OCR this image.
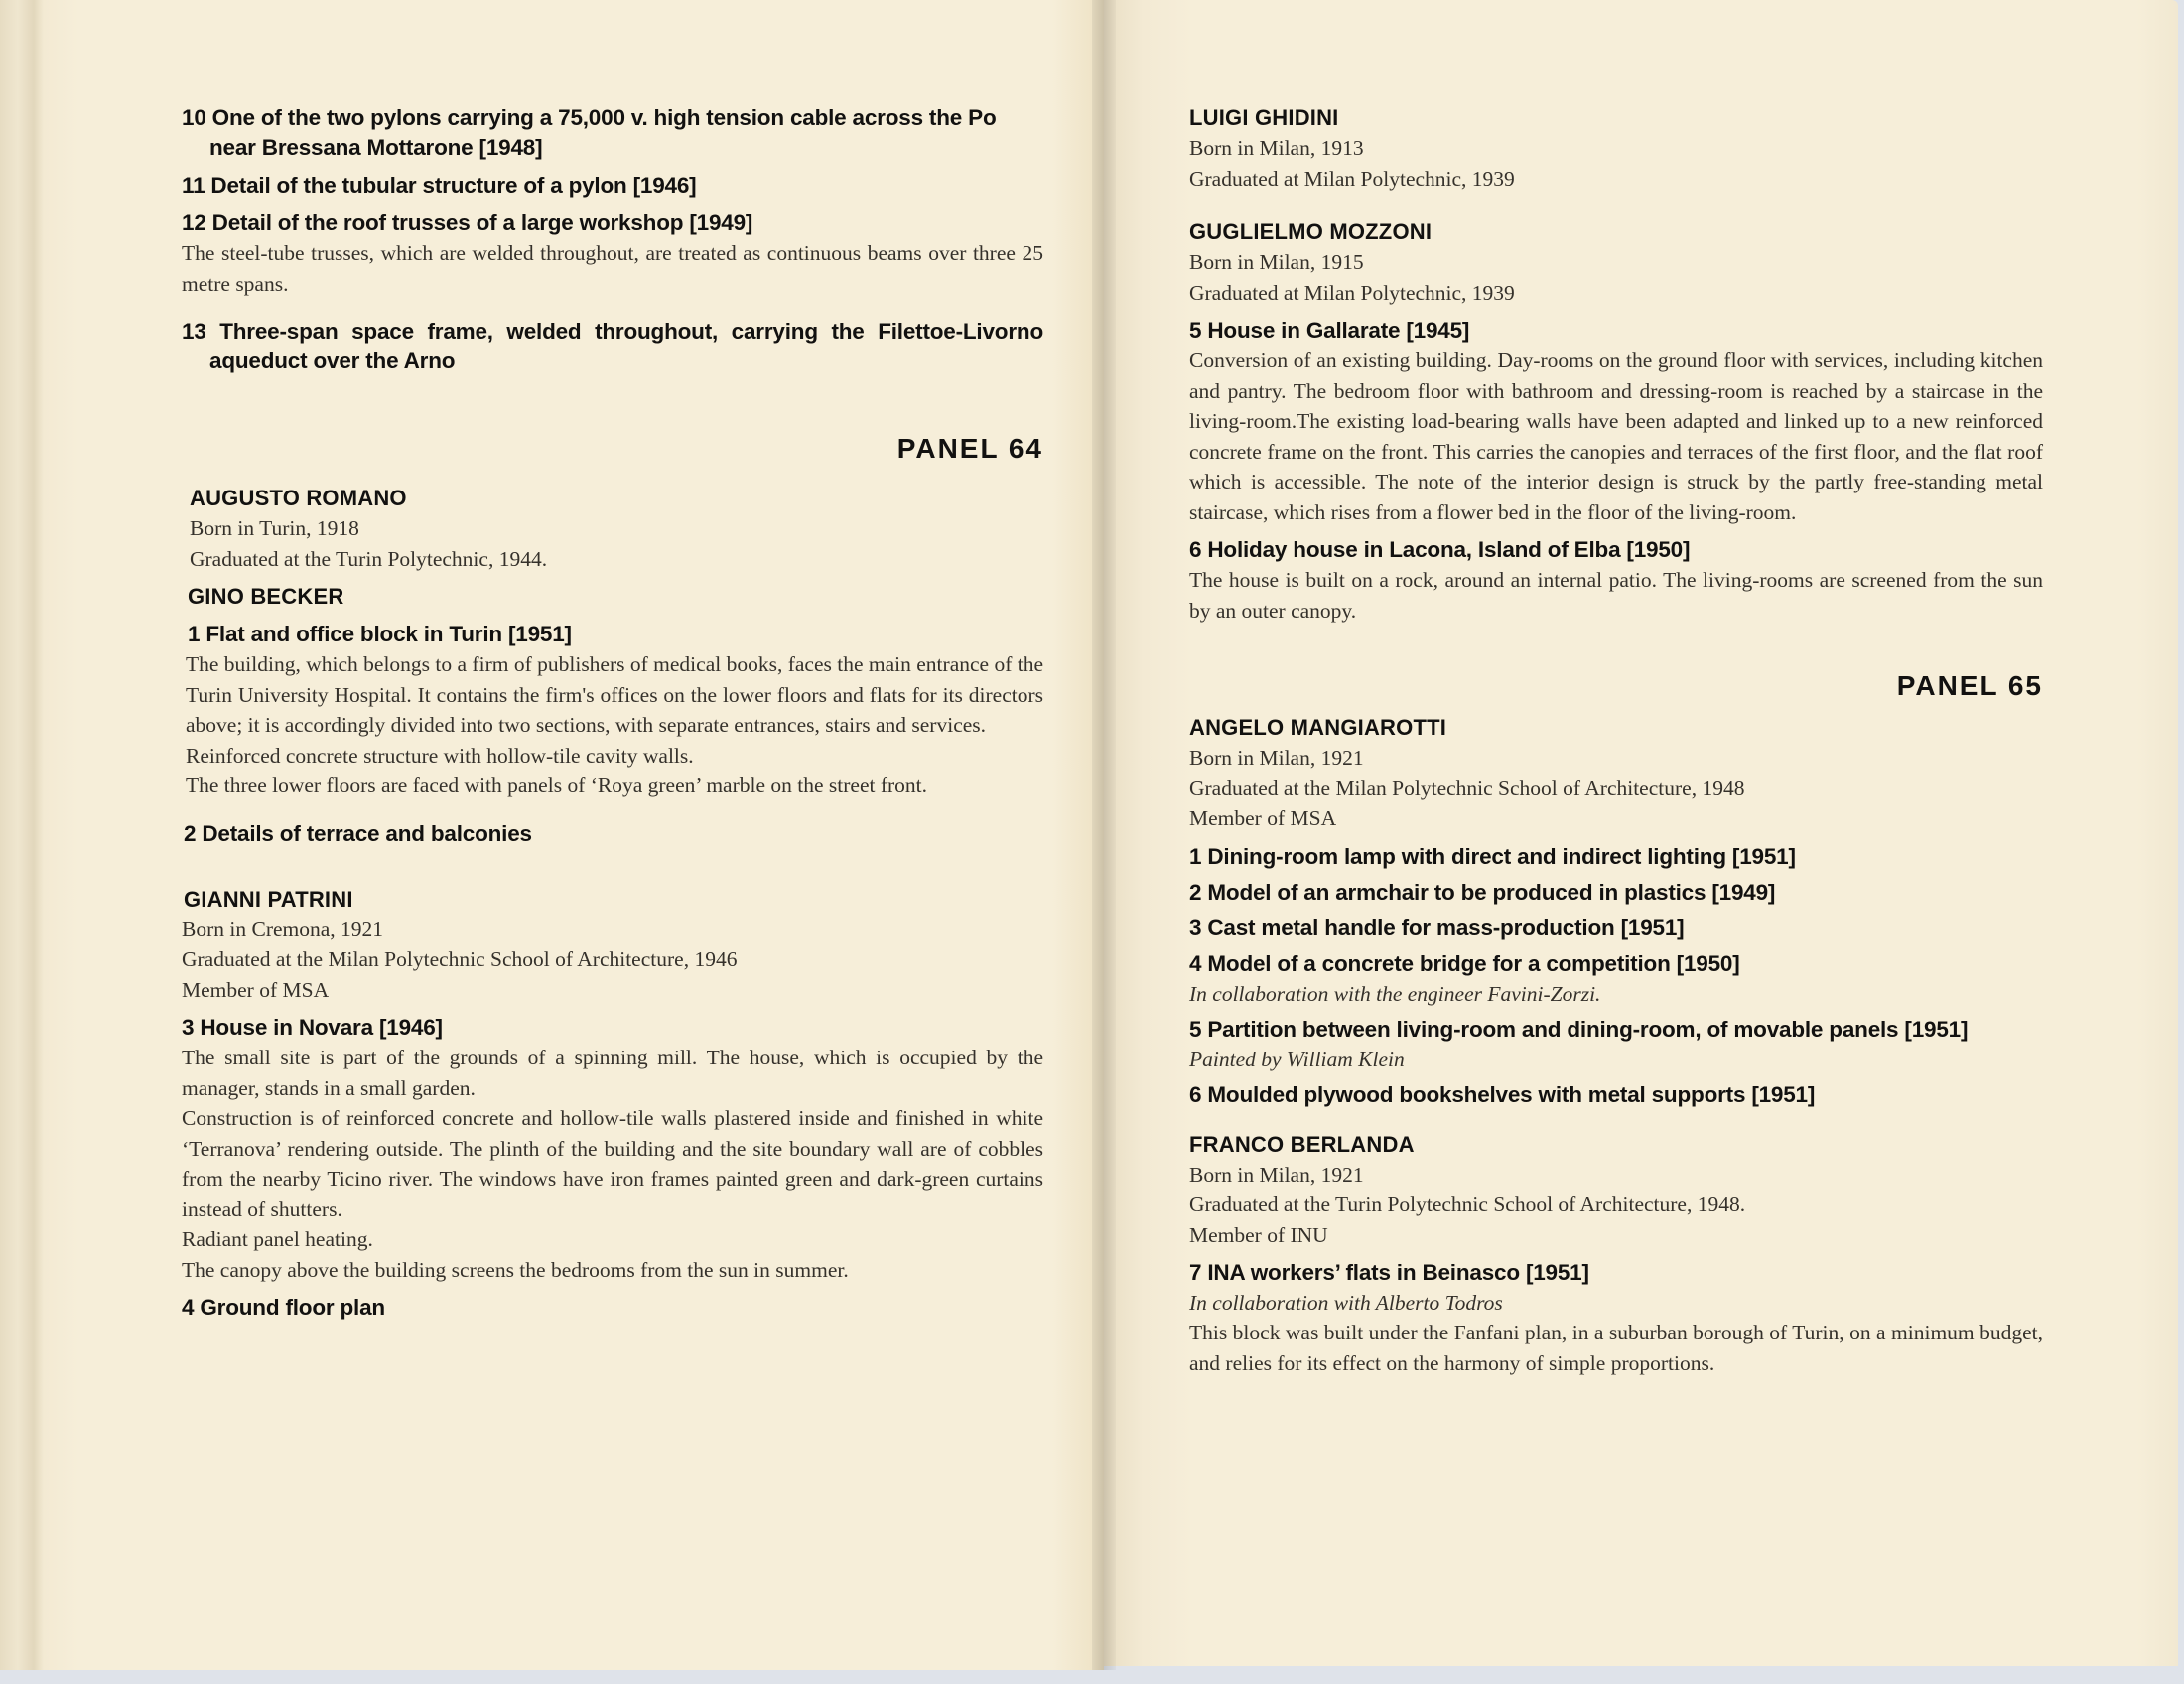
10 One of the two pylons carrying a 75,000 v. high tension cable across the Po near Bressana Mottarone [1948]
11 Detail of the tubular structure of a pylon [1946]
12 Detail of the roof trusses of a large workshop [1949]
The steel-tube trusses, which are welded throughout, are treated as continuous beams over three 25 metre spans.
13 Three-span space frame, welded throughout, carrying the Filettoe-Livorno aqueduct over the Arno
PANEL 64
AUGUSTO ROMANO
Born in Turin, 1918
Graduated at the Turin Polytechnic, 1944.
GINO BECKER
1 Flat and office block in Turin [1951]
The building, which belongs to a firm of publishers of medical books, faces the main entrance of the Turin University Hospital. It contains the firm's offices on the lower floors and flats for its directors above; it is accordingly divided into two sections, with separate entrances, stairs and services.
Reinforced concrete structure with hollow-tile cavity walls.
The three lower floors are faced with panels of ‘Roya green’ marble on the street front.
2 Details of terrace and balconies
GIANNI PATRINI
Born in Cremona, 1921
Graduated at the Milan Polytechnic School of Architecture, 1946
Member of MSA
3 House in Novara [1946]
The small site is part of the grounds of a spinning mill. The house, which is occupied by the manager, stands in a small garden.
Construction is of reinforced concrete and hollow-tile walls plastered inside and finished in white ‘Terranova’ rendering outside. The plinth of the building and the site boundary wall are of cobbles from the nearby Ticino river. The windows have iron frames painted green and dark-green curtains instead of shutters.
Radiant panel heating.
The canopy above the building screens the bedrooms from the sun in summer.
4 Ground floor plan
LUIGI GHIDINI
Born in Milan, 1913
Graduated at Milan Polytechnic, 1939
GUGLIELMO MOZZONI
Born in Milan, 1915
Graduated at Milan Polytechnic, 1939
5 House in Gallarate [1945]
Conversion of an existing building. Day-rooms on the ground floor with services, including kitchen and pantry. The bedroom floor with bathroom and dressing-room is reached by a staircase in the living-room.The existing load-bearing walls have been adapted and linked up to a new reinforced concrete frame on the front. This carries the canopies and terraces of the first floor, and the flat roof which is accessible. The note of the interior design is struck by the partly free-standing metal staircase, which rises from a flower bed in the floor of the living-room.
6 Holiday house in Lacona, Island of Elba [1950]
The house is built on a rock, around an internal patio. The living-rooms are screened from the sun by an outer canopy.
PANEL 65
ANGELO MANGIAROTTI
Born in Milan, 1921
Graduated at the Milan Polytechnic School of Architecture, 1948
Member of MSA
1 Dining-room lamp with direct and indirect lighting [1951]
2 Model of an armchair to be produced in plastics [1949]
3 Cast metal handle for mass-production [1951]
4 Model of a concrete bridge for a competition [1950]
In collaboration with the engineer Favini-Zorzi.
5 Partition between living-room and dining-room, of movable panels [1951]
Painted by William Klein
6 Moulded plywood bookshelves with metal supports [1951]
FRANCO BERLANDA
Born in Milan, 1921
Graduated at the Turin Polytechnic School of Architecture, 1948.
Member of INU
7 INA workers’ flats in Beinasco [1951]
In collaboration with Alberto Todros
This block was built under the Fanfani plan, in a suburban borough of Turin, on a minimum budget, and relies for its effect on the harmony of simple proportions.
